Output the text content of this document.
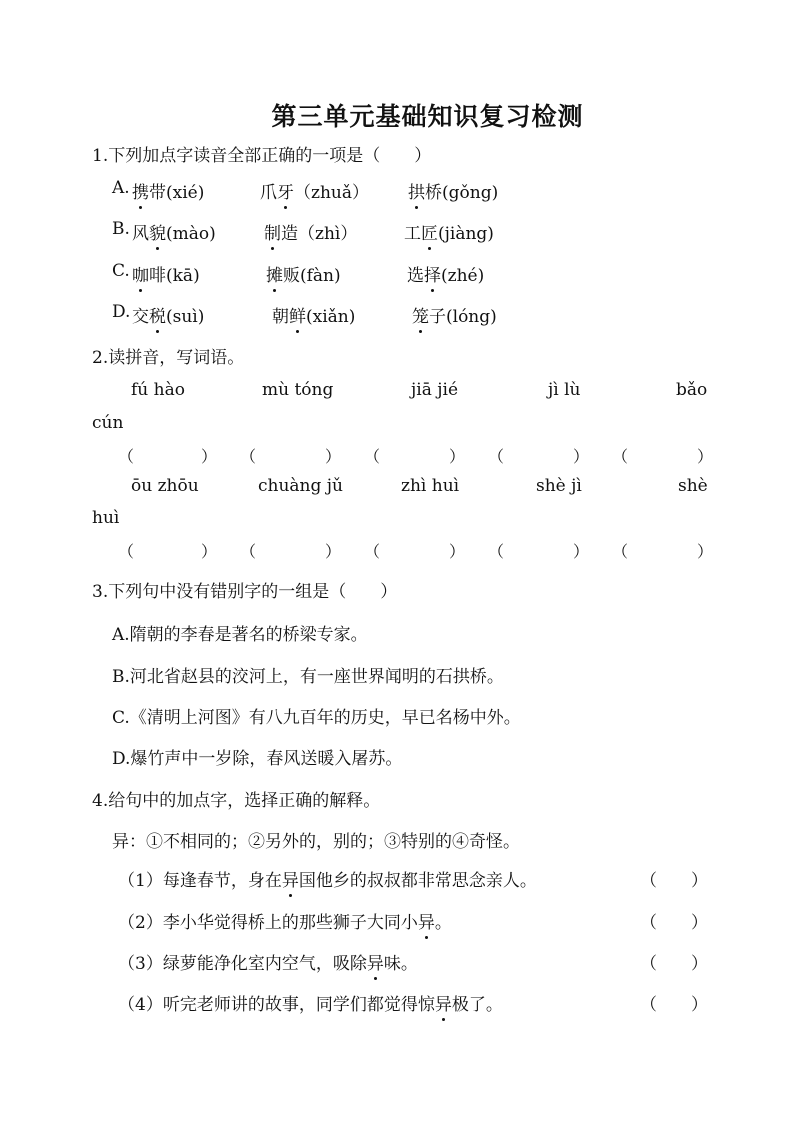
第三单元基础知识复习检测
1.下列加点字读音全部正确的一项是（　　）
A. 携带(xié)	爪牙（zhuǎ） 拱桥(gǒng)
B. 风貌(mào)	制造（zhì）	工匠(jiàng)
C. 咖啡(kā)	摊贩(fàn)	选择(zhé)
D. 交税(suì)	朝鲜(xiǎn)	笼子(lóng)
2.读拼音，写词语。
fú hào	mù tóng	jiā jié	jì lù	bǎo
cún
（	） （	） （	） （	） （	）
ōu zhōu	chuàng jǔ	zhì huì	shè jì	shè
huì
（	） （	） （	） （	） （	）
3.下列句中没有错别字的一组是（　　）
A.隋朝的李春是著名的桥梁专家。
B.河北省赵县的洨河上，有一座世界闻明的石拱桥。
C.《清明上河图》有八九百年的历史，早已名杨中外。
D.爆竹声中一岁除，春风送暖入屠苏。
4.给句中的加点字，选择正确的解释。
异：①不相同的；②另外的，别的；③特别的④奇怪。
（1）每逢春节，身在异国他乡的叔叔都非常思念亲人。	（　　）
（2）李小华觉得桥上的那些狮子大同小异。	（　　）
（3）绿萝能净化室内空气，吸除异味。	（　　）
（4）听完老师讲的故事，同学们都觉得惊异极了。	（　　）
